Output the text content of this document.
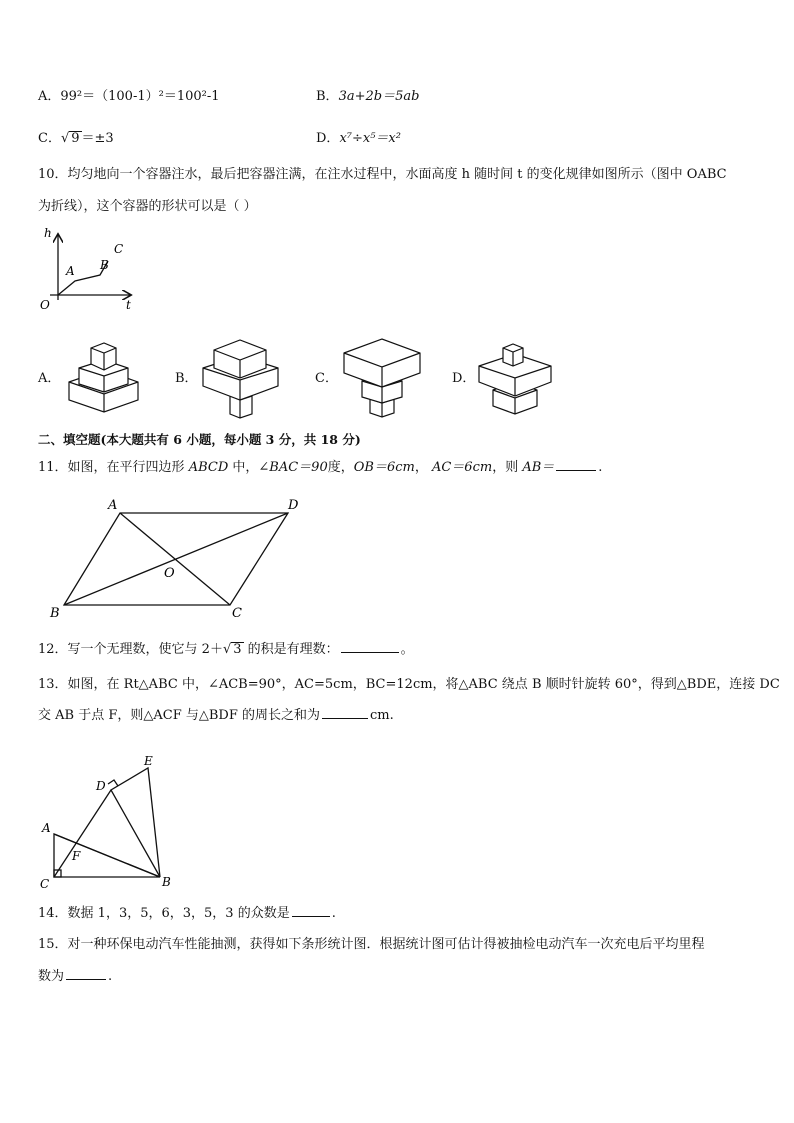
A．99²＝（100-1）²＝100²-1	B．3a+2b＝5ab
C．√ 9 ＝±3	D．x⁷÷x⁵＝x²
10．均匀地向一个容器注水，最后把容器注满，在注水过程中，水面高度 h 随时间 t 的变化规律如图所示（图中 OABC
为折线），这个容器的形状可以是（ ）
h
t
O
A B
C
A．	B．	C．	D．
二、填空题(本大题共有 6 小题，每小题 3 分，共 18 分)
11．如图，在平行四边形 ABCD 中，∠BAC＝90度，OB＝6cm， AC＝6cm，则 AB＝	.
A	D
B	C
O
12．写一个无理数，使它与 2＋√ 3 的积是有理数：	。
13．如图，在 Rt△ABC 中，∠ACB=90°，AC=5cm，BC=12cm，将△ABC 绕点 B 顺时针旋转 60°，得到△BDE，连接 DC
交 AB 于点 F，则△ACF 与△BDF 的周长之和为	cm.
A
C	B
D
E
F
14．数据 1，3，5，6，3，5，3 的众数是	.
15．对一种环保电动汽车性能抽测，获得如下条形统计图．根据统计图可估计得被抽检电动汽车一次充电后平均里程
数为	.
